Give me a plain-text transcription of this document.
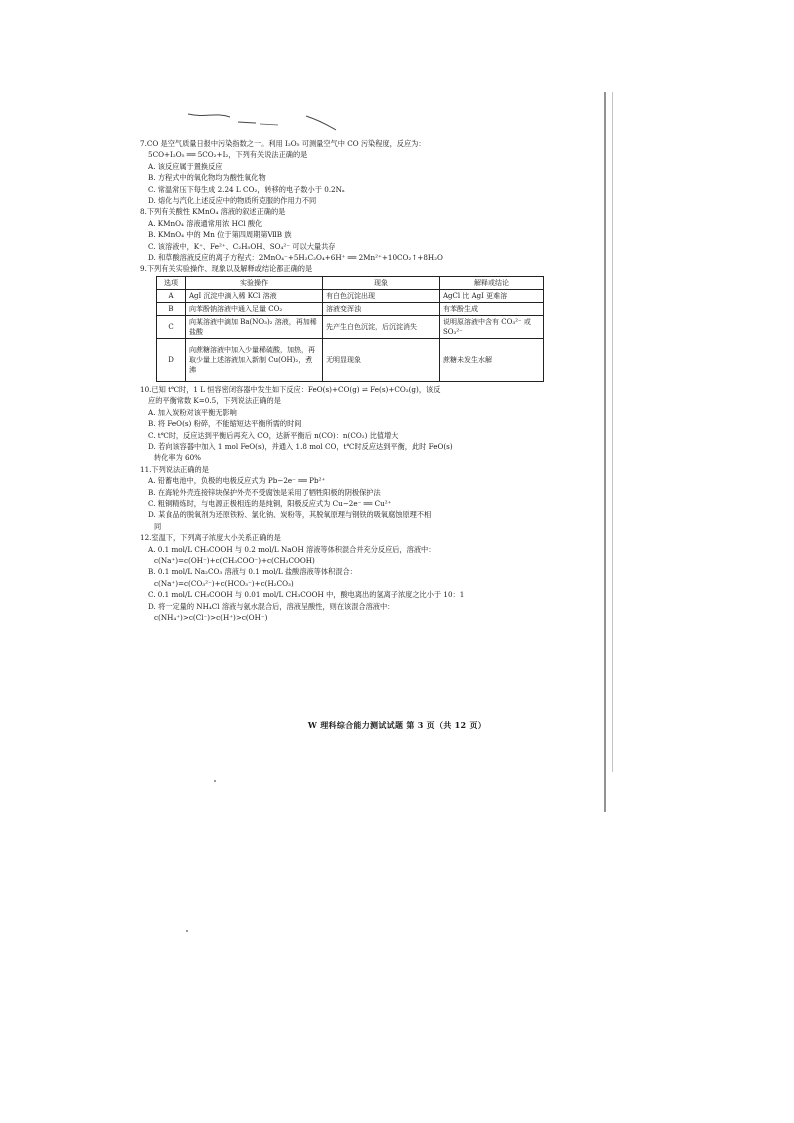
7.CO 是空气质量日报中污染指数之一。利用 I₂O₅ 可测量空气中 CO 污染程度，反应为：

5CO+I₂O₅ ══ 5CO₂+I₂，下列有关说法正确的是

A. 该反应属于置换反应

B. 方程式中的氧化物均为酸性氧化物

C. 常温常压下每生成 2.24 L CO₂，转移的电子数小于 0.2Nₐ

D. 熔化与汽化上述反应中的物质所克服的作用力不同

8.下列有关酸性 KMnO₄ 溶液的叙述正确的是

A. KMnO₄ 溶液通常用浓 HCl 酸化

B. KMnO₄ 中的 Mn 位于第四周期第ⅦB 族

C. 该溶液中，K⁺、Fe²⁺、C₂H₅OH、SO₄²⁻ 可以大量共存

D. 和草酸溶液反应的离子方程式：2MnO₄⁻+5H₂C₂O₄+6H⁺ ══ 2Mn²⁺+10CO₂↑+8H₂O

9.下列有关实验操作、现象以及解释或结论都正确的是

选项	实验操作	现象	解释或结论
A	AgI 沉淀中滴入稀 KCl 溶液	有白色沉淀出现	AgCl 比 AgI 更难溶
B	向苯酚钠溶液中通入足量 CO₂	溶液变浑浊	有苯酚生成
C	向某溶液中滴加 Ba(NO₃)₂ 溶液，再加稀盐酸	先产生白色沉淀，后沉淀消失	说明原溶液中含有 CO₃²⁻ 或 SO₃²⁻
D	向蔗糖溶液中加入少量稀硫酸，加热，再取少量上述溶液加入新制 Cu(OH)₂，煮沸	无明显现象	蔗糖未发生水解

10.已知 t℃时，1 L 恒容密闭容器中发生如下反应：FeO(s)+CO(g) ⇌ Fe(s)+CO₂(g)，该反

应的平衡常数 K=0.5，下列说法正确的是

A. 加入炭粉对该平衡无影响

B. 将 FeO(s) 粉碎，不能缩短达平衡所需的时间

C. t℃时，反应达到平衡后再充入 CO，达新平衡后 n(CO)：n(CO₂) 比值增大

D. 若向该容器中加入 1 mol FeO(s)，并通入 1.8 mol CO，t℃时反应达到平衡，此时 FeO(s)

转化率为 60%

11.下列说法正确的是

A. 铅蓄电池中，负极的电极反应式为 Pb−2e⁻ ══ Pb²⁺

B. 在海轮外壳连接锌块保护外壳不受腐蚀是采用了牺牲阳极的阴极保护法

C. 粗铜精炼时，与电源正极相连的是纯铜，阳极反应式为 Cu−2e⁻ ══ Cu²⁺

D. 某食品的脱氧剂为还原铁粉、氯化钠、炭粉等，其脱氧原理与钢铁的吸氧腐蚀原理不相

同

12.室温下，下列离子浓度大小关系正确的是

A. 0.1 mol/L CH₃COOH 与 0.2 mol/L NaOH 溶液等体积混合并充分反应后，溶液中：

c(Na⁺)=c(OH⁻)+c(CH₃COO⁻)+c(CH₃COOH)

B. 0.1 mol/L Na₂CO₃ 溶液与 0.1 mol/L 盐酸溶液等体积混合：

c(Na⁺)=c(CO₃²⁻)+c(HCO₃⁻)+c(H₂CO₃)

C. 0.1 mol/L CH₃COOH 与 0.01 mol/L CH₃COOH 中，酸电离出的氢离子浓度之比小于 10：1

D. 将一定量的 NH₄Cl 溶液与氨水混合后，溶液呈酸性，则在该混合溶液中：

c(NH₄⁺)>c(Cl⁻)>c(H⁺)>c(OH⁻)

W 理科综合能力测试试题 第 3 页（共 12 页）
